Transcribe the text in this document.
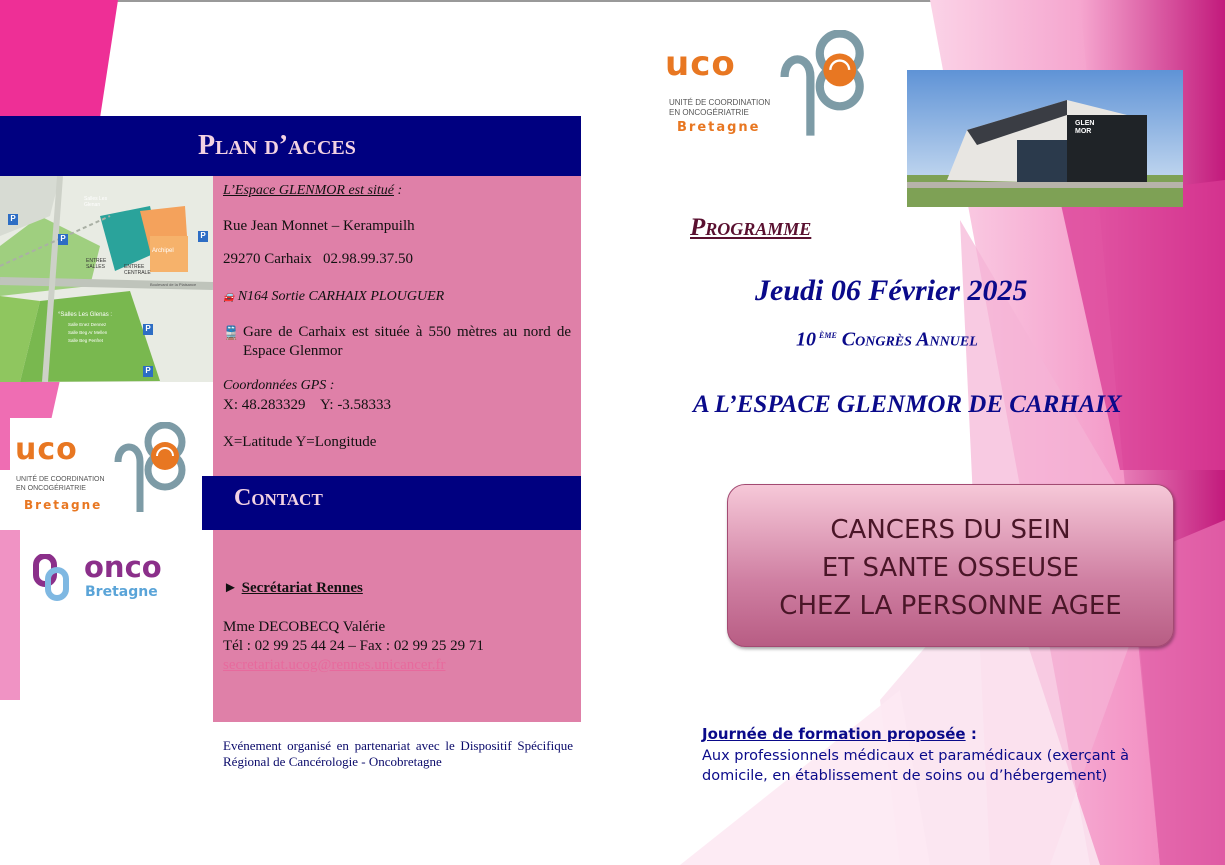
Plan d’acces
P
P	P
P
P
Salles Les Glenan
ENTREE SALLES	ENTREE CENTRALE
Archipel
Boulevard de la Plaisance
°Salles Les Glenas :
Salle Enez Dennez
Salle Beg Ar Mellen
Salle Beg Penfret
L’Espace GLENMOR est situé :
Rue Jean Monnet – Kerampuilh
29270 Carhaix   02.98.99.37.50
🚘 N164 Sortie CARHAIX PLOUGUER
🚆 Gare de Carhaix est située à 550 mètres au nord de Espace Glenmor
Coordonnées GPS :
X: 48.283329    Y: -3.58333
X=Latitude Y=Longitude
uco
UNITÉ DE COORDINATION
EN ONCOGÉRIATRIE
Bretagne	Contact
onco
Bretagne	► Secrétariat Rennes
Mme DECOBECQ Valérie
Tél : 02 99 25 44 24 – Fax : 02 99 25 29 71
secretariat.ucog@rennes.unicancer.fr
Evénement organisé en partenariat avec le Dispositif Spécifique Régional de Cancérologie - Oncobretagne
uco
UNITÉ DE COORDINATION
EN ONCOGÉRIATRIE
Bretagne	GLEN MOR
Programme
Jeudi 06 Février 2025
10 $^{ème}$ Congrès Annuel
A L’ESPACE GLENMOR DE CARHAIX
CANCERS DU SEIN
ET SANTE OSSEUSE
CHEZ LA PERSONNE AGEE
Journée de formation proposée :
Aux professionnels médicaux et paramédicaux (exerçant à domicile, en établissement de soins ou d’hébergement)
